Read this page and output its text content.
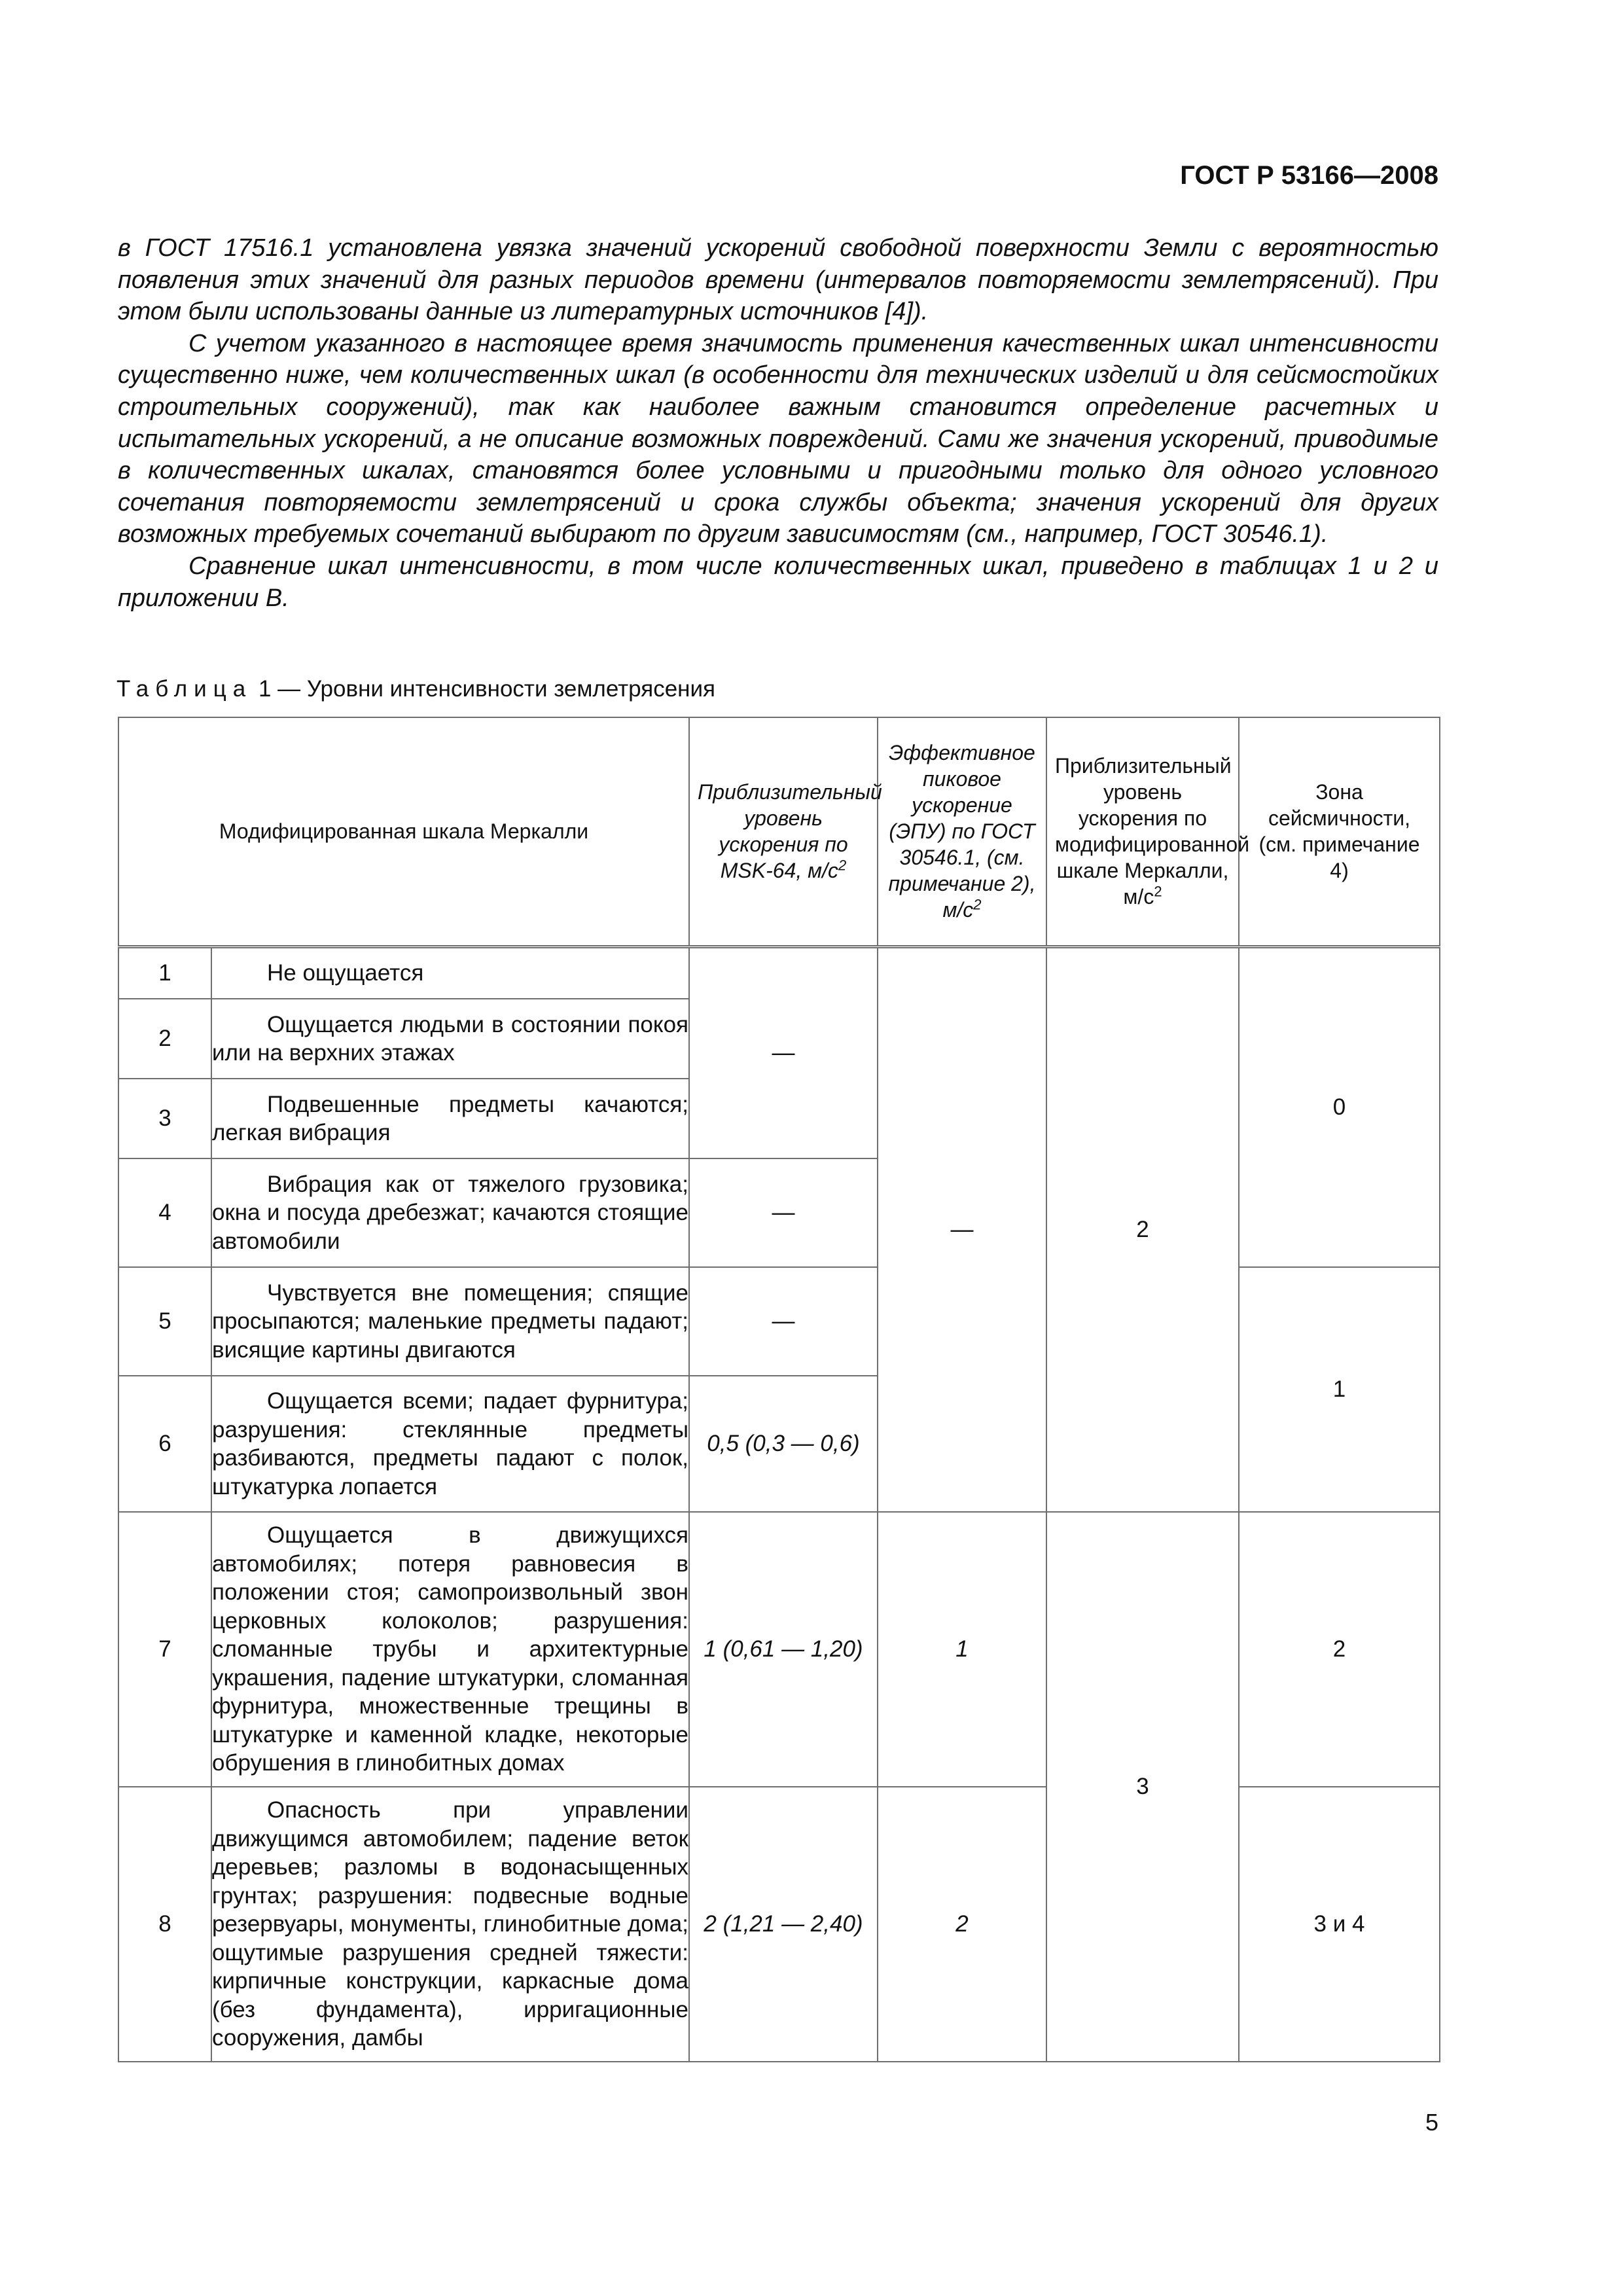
ГОСТ Р 53166—2008

в ГОСТ 17516.1 установлена увязка значений ускорений свободной поверхности Земли с вероятностью появления этих значений для разных периодов времени (интервалов повторяемости землетрясений). При этом были использованы данные из литературных источников [4]).

С учетом указанного в настоящее время значимость применения качественных шкал интенсивности существенно ниже, чем количественных шкал (в особенности для технических изделий и для сейсмостойких строительных сооружений), так как наиболее важным становится определение расчетных и испытательных ускорений, а не описание возможных повреждений. Сами же значения ускорений, приводимые в количественных шкалах, становятся более условными и пригодными только для одного условного сочетания повторяемости землетрясений и срока службы объекта; значения ускорений для других возможных требуемых сочетаний выбирают по другим зависимостям (см., например, ГОСТ 30546.1).

Сравнение шкал интенсивности, в том числе количественных шкал, приведено в таблицах 1 и 2 и приложении В.

Таблица 1 — Уровни интенсивности землетрясения
Модифицированная шкала Меркалли		Приблизительный уровень ускорения по MSK-64, $м/с^2$	Эффективное пиковое ускорение (ЭПУ) по ГОСТ 30546.1, (см. примечание 2), $м/с^2$	Приблизительный уровень ускорения по модифицированной шкале Меркалли, $м/с^2$	Зона сейсмичности, (см. примечание 4)
1	Не ощущается	—	—	2	0
2	Ощущается людьми в состоянии покоя или на верхних этажах				

3	Подвешенные предметы качаются; легкая вибрация				

4	Вибрация как от тяжелого грузовика; окна и посуда дребезжат; качаются стоящие автомобили	—			
5	Чувствуется вне помещения; спящие просыпаются; маленькие предметы падают; висящие картины двигаются	—			1
6	Ощущается всеми; падает фурнитура; разрушения: стеклянные предметы разбиваются, предметы падают с полок, штукатурка лопается	0,5 (0,3 — 0,6)			
7	Ощущается в движущихся автомобилях; потеря равновесия в положении стоя; самопроизвольный звон церковных колоколов; разрушения: сломанные трубы и архитектурные украшения, падение штукатурки, сломанная фурнитура, множественные трещины в штукатурке и каменной кладке, некоторые обрушения в глинобитных домах	1 (0,61 — 1,20)	1	3	2
8	Опасность при управлении движущимся автомобилем; падение веток деревьев; разломы в водонасыщенных грунтах; разрушения: подвесные водные резервуары, монументы, глинобитные дома; ощутимые разрушения средней тяжести: кирпичные конструкции, каркасные дома (без фундамента), ирригационные сооружения, дамбы	2 (1,21 — 2,40)	2		3 и 4
5
